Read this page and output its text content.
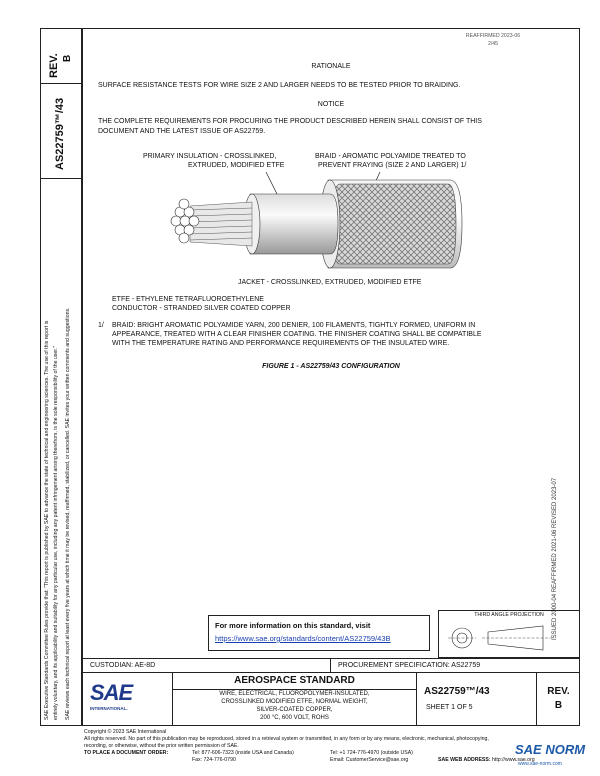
REV. B
AS22759™/43
SAE Executive Standards Committee Rules provide that: "This report is published by SAE to advance the state of technical and engineering sciences. The use of this report is entirely voluntary, and its applicability and suitability for any particular use, including any patent infringement arising therefrom, is the sole responsibility of the user." SAE reviews each technical report at least every five years at which time it may be revised, reaffirmed, stabilized, or cancelled. SAE invites your written comments and suggestions.
REAFFIRMED 2023-06
2/45
RATIONALE
SURFACE RESISTANCE TESTS FOR WIRE SIZE 2 AND LARGER NEEDS TO BE TESTED PRIOR TO BRAIDING.
NOTICE
THE COMPLETE REQUIREMENTS FOR PROCURING THE PRODUCT DESCRIBED HEREIN SHALL CONSIST OF THIS
DOCUMENT AND THE LATEST ISSUE OF AS22759.
PRIMARY INSULATION - CROSSLINKED,
EXTRUDED, MODIFIED ETFE
BRAID - AROMATIC POLYAMIDE TREATED TO
PREVENT FRAYING (SIZE 2 AND LARGER) 1/
JACKET - CROSSLINKED, EXTRUDED, MODIFIED ETFE
ETFE - ETHYLENE TETRAFLUOROETHYLENE
CONDUCTOR - STRANDED SILVER COATED COPPER
1/ BRAID: BRIGHT AROMATIC POLYAMIDE YARN, 200 DENIER, 100 FILAMENTS, TIGHTLY FORMED, UNIFORM IN
APPEARANCE, TREATED WITH A CLEAR FINISHER COATING. THE FINISHER COATING SHALL BE COMPATIBLE
WITH THE TEMPERATURE RATING AND PERFORMANCE REQUIREMENTS OF THE INSULATED WIRE.
FIGURE 1 - AS22759/43 CONFIGURATION
ISSUED 2000-04 REAFFIRMED 2021-06 REVISED 2023-07
For more information on this standard, visit
https://www.sae.org/standards/content/AS22759/43B
THIRD ANGLE PROJECTION
CUSTODIAN: AE-8D	PROCUREMENT SPECIFICATION: AS22759
SAE
INTERNATIONAL.
AEROSPACE STANDARD
WIRE, ELECTRICAL, FLUOROPOLYMER-INSULATED,
CROSSLINKED MODIFIED ETFE, NORMAL WEIGHT,
SILVER-COATED COPPER,
200 °C, 600 VOLT, ROHS
AS22759™/43
SHEET 1 OF 5
REV.
B
Copyright © 2023 SAE International
All rights reserved. No part of this publication may be reproduced, stored in a retrieval system or transmitted, in any form or by any means, electronic, mechanical, photocopying,
recording, or otherwise, without the prior written permission of SAE.
TO PLACE A DOCUMENT ORDER:	Tel: 877-606-7323 (inside USA and Canada)
Fax: 724-776-0790
Tel: +1 724-776-4970 (outside USA)
Email: CustomerService@sae.org	SAE WEB ADDRESS: http://www.sae.org
SAE NORM
www.sae-norm.com
